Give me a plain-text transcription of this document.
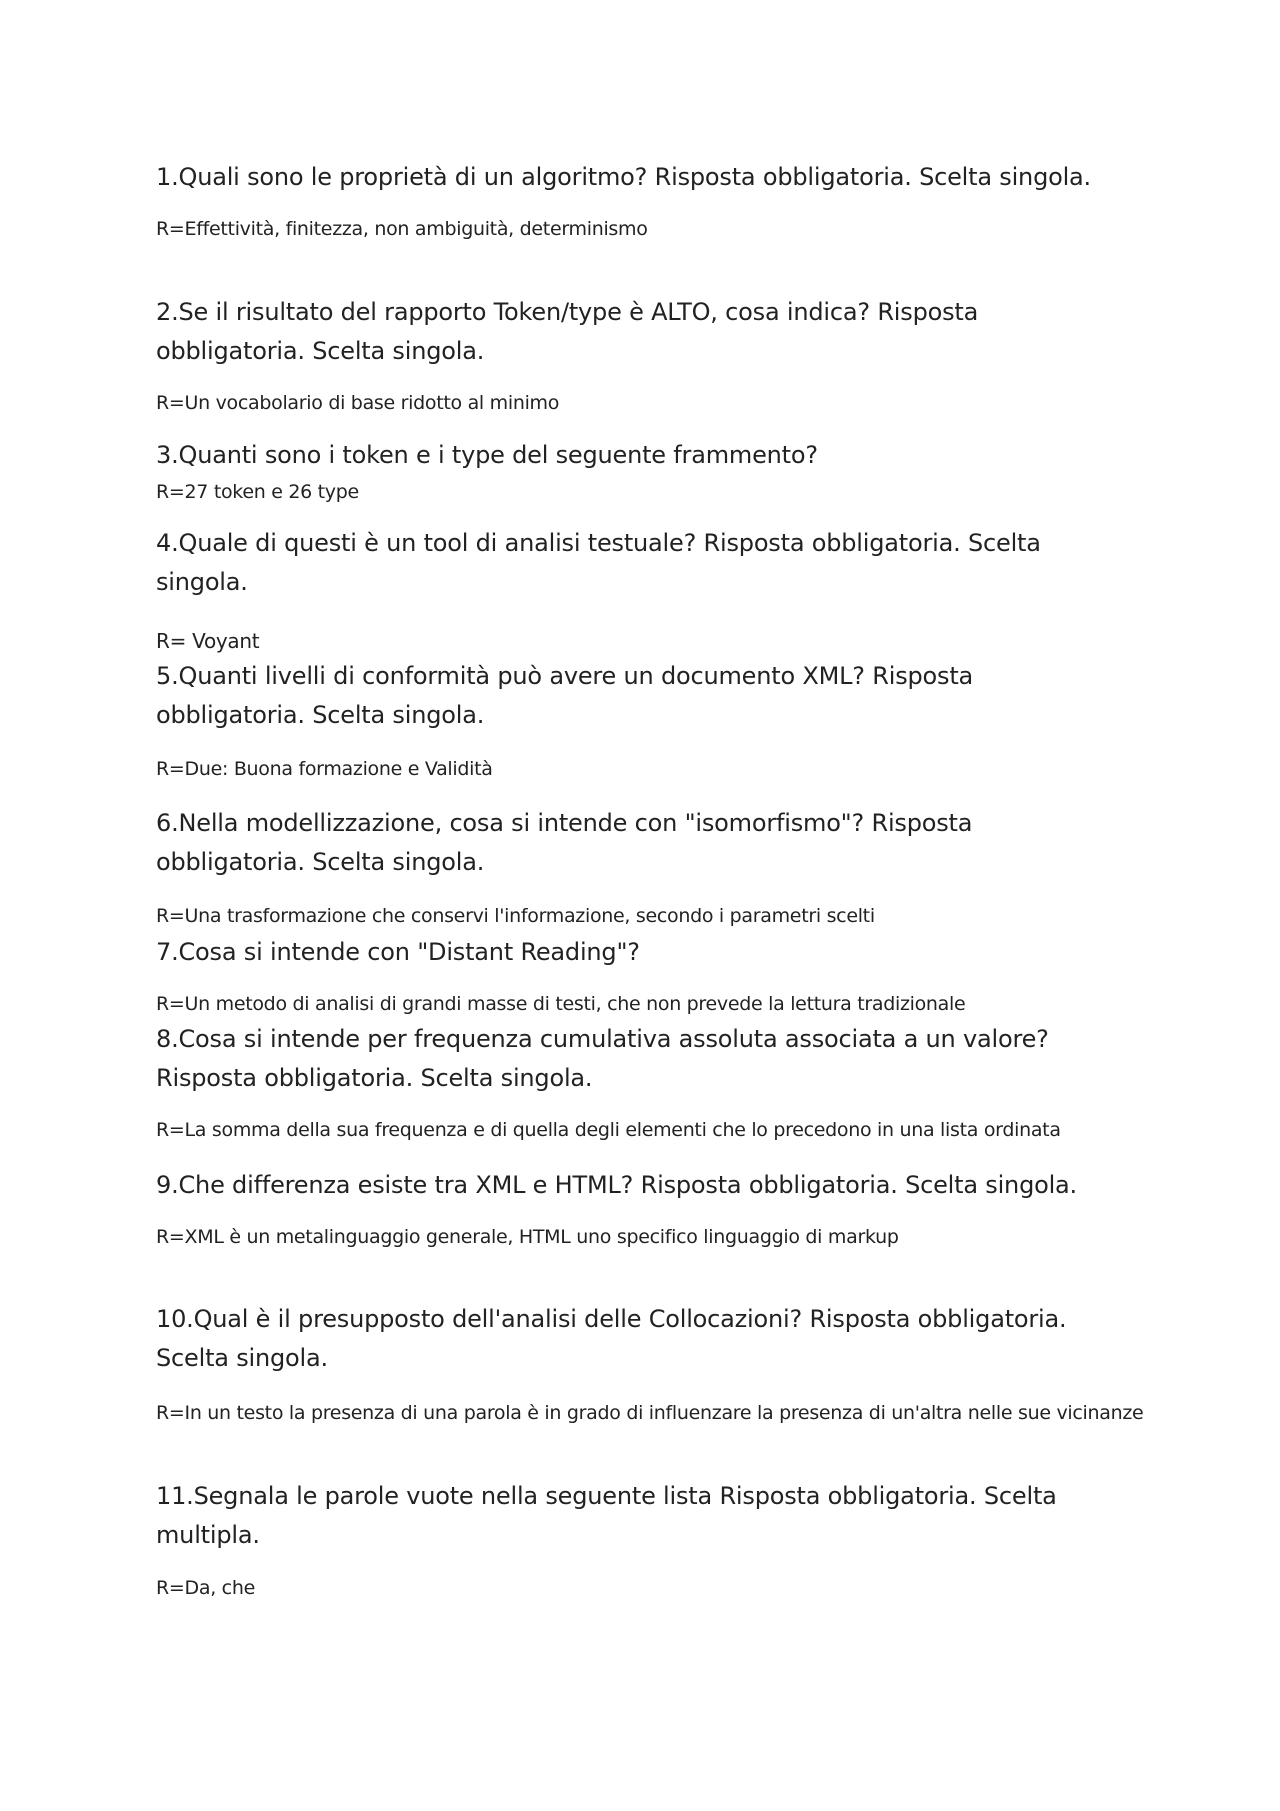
1.Quali sono le proprietà di un algoritmo? Risposta obbligatoria. Scelta singola.
R=Effettività, finitezza, non ambiguità, determinismo
2.Se il risultato del rapporto Token/type è ALTO, cosa indica? Risposta obbligatoria. Scelta singola.
R=Un vocabolario di base ridotto al minimo
3.Quanti sono i token e i type del seguente frammento?
R=27 token e 26 type
4.Quale di questi è un tool di analisi testuale? Risposta obbligatoria. Scelta singola.
R= Voyant
5.Quanti livelli di conformità può avere un documento XML? Risposta obbligatoria. Scelta singola.
R=Due: Buona formazione e Validità
6.Nella modellizzazione, cosa si intende con "isomorfismo"? Risposta obbligatoria. Scelta singola.
R=Una trasformazione che conservi l'informazione, secondo i parametri scelti
7.Cosa si intende con "Distant Reading"?
R=Un metodo di analisi di grandi masse di testi, che non prevede la lettura tradizionale
8.Cosa si intende per frequenza cumulativa assoluta associata a un valore? Risposta obbligatoria. Scelta singola.
R=La somma della sua frequenza e di quella degli elementi che lo precedono in una lista ordinata
9.Che differenza esiste tra XML e HTML? Risposta obbligatoria. Scelta singola.
R=XML è un metalinguaggio generale, HTML uno specifico linguaggio di markup
10.Qual è il presupposto dell'analisi delle Collocazioni? Risposta obbligatoria. Scelta singola.
R=In un testo la presenza di una parola è in grado di influenzare la presenza di un'altra nelle sue vicinanze
11.Segnala le parole vuote nella seguente lista Risposta obbligatoria. Scelta multipla.
R=Da, che
